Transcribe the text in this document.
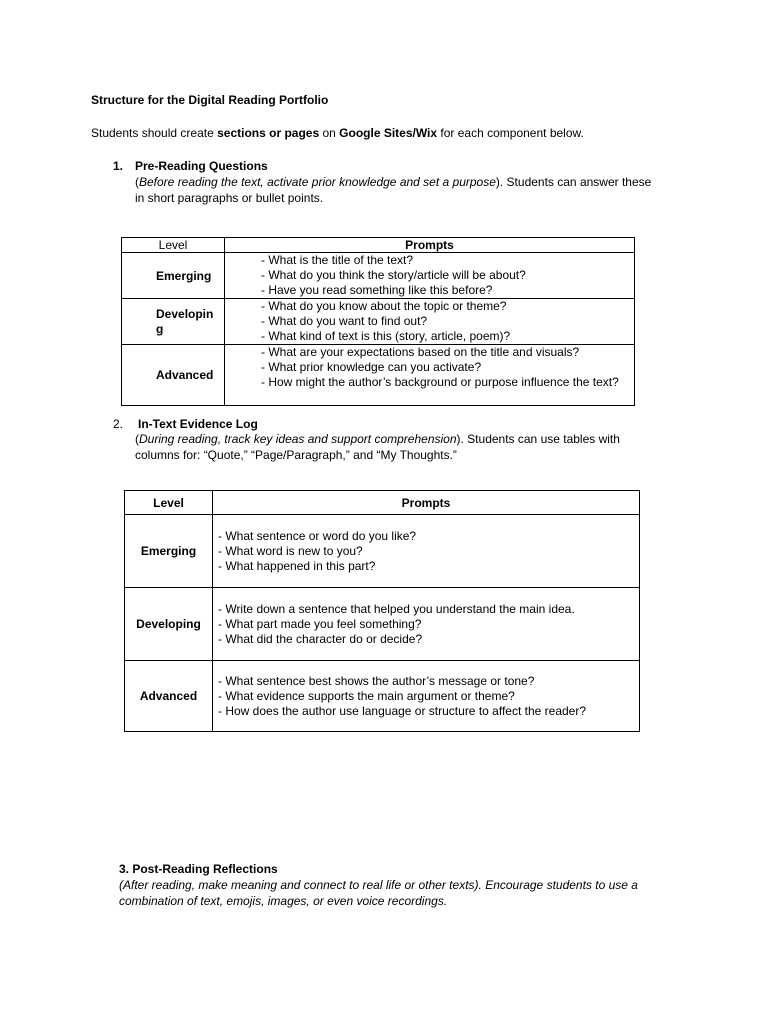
Structure for the Digital Reading Portfolio
Students should create sections or pages on Google Sites/Wix for each component below.
1. Pre-Reading Questions
(Before reading the text, activate prior knowledge and set a purpose). Students can answer these in short paragraphs or bullet points.
Level	Prompts
Emerging	- What is the title of the text?
- What do you think the story/article will be about?
- Have you read something like this before?

Developing	- What do you know about the topic or theme?
- What do you want to find out?
- What kind of text is this (story, article, poem)?

Advanced	- What are your expectations based on the title and visuals?
- What prior knowledge can you activate?
- How might the author’s background or purpose influence the text?
2. In-Text Evidence Log
(During reading, track key ideas and support comprehension). Students can use tables with columns for: “Quote,” “Page/Paragraph,” and “My Thoughts.”
Level	Prompts
Emerging	- What sentence or word do you like?
- What word is new to you?
- What happened in this part?

Developing	- Write down a sentence that helped you understand the main idea.
- What part made you feel something?
- What did the character do or decide?

Advanced	- What sentence best shows the author’s message or tone?
- What evidence supports the main argument or theme?
- How does the author use language or structure to affect the reader?
3. Post-Reading Reflections
(After reading, make meaning and connect to real life or other texts). Encourage students to use a combination of text, emojis, images, or even voice recordings.
